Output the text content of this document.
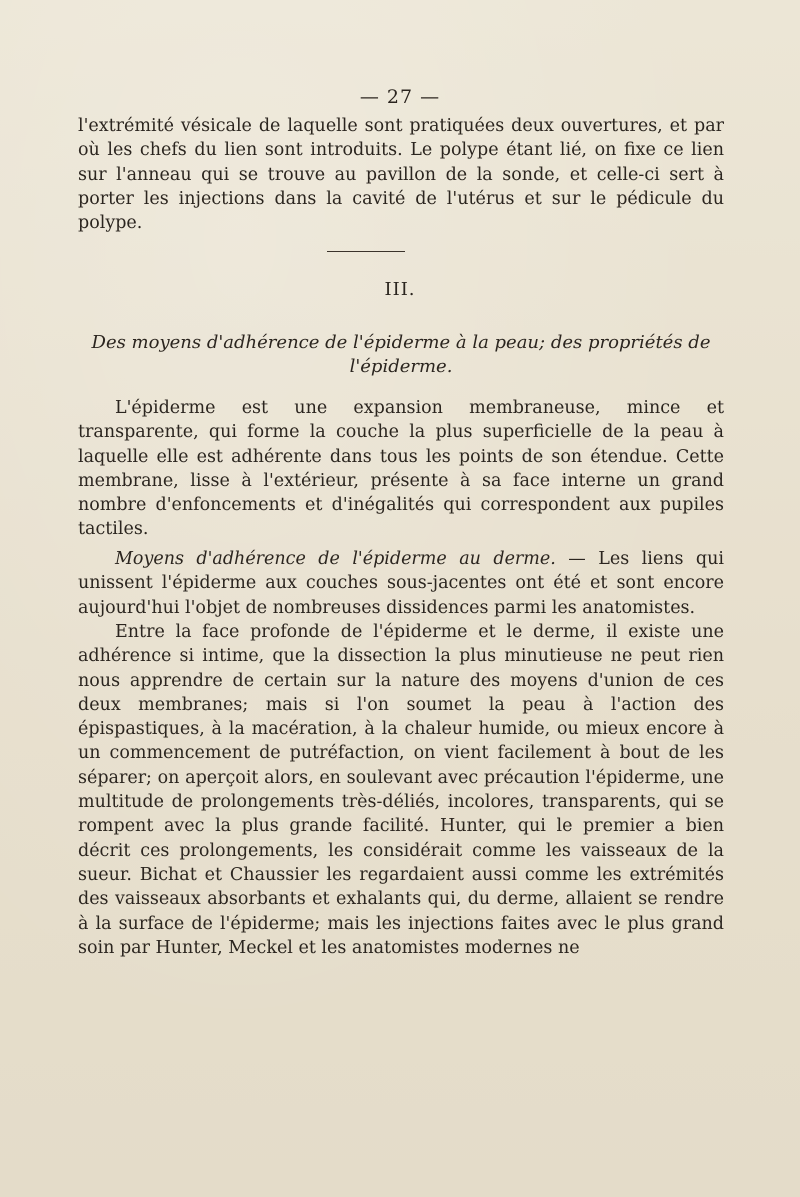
— 27 —

l'extrémité vésicale de laquelle sont pratiquées deux ouvertures, et par où les chefs du lien sont introduits. Le polype étant lié, on fixe ce lien sur l'anneau qui se trouve au pavillon de la sonde, et celle-ci sert à porter les injections dans la cavité de l'utérus et sur le pédicule du polype.

III.
Des moyens d'adhérence de l'épiderme à la peau; des propriétés de l'épiderme.

L'épiderme est une expansion membraneuse, mince et transparente, qui forme la couche la plus superficielle de la peau à laquelle elle est adhérente dans tous les points de son étendue. Cette membrane, lisse à l'extérieur, présente à sa face interne un grand nombre d'enfoncements et d'inégalités qui correspondent aux pupiles tactiles.

Moyens d'adhérence de l'épiderme au derme. — Les liens qui unissent l'épiderme aux couches sous-jacentes ont été et sont encore aujourd'hui l'objet de nombreuses dissidences parmi les anatomistes.

Entre la face profonde de l'épiderme et le derme, il existe une adhérence si intime, que la dissection la plus minutieuse ne peut rien nous apprendre de certain sur la nature des moyens d'union de ces deux membranes; mais si l'on soumet la peau à l'action des épispastiques, à la macération, à la chaleur humide, ou mieux encore à un commencement de putréfaction, on vient facilement à bout de les séparer; on aperçoit alors, en soulevant avec précaution l'épiderme, une multitude de prolongements très-déliés, incolores, transparents, qui se rompent avec la plus grande facilité. Hunter, qui le premier a bien décrit ces prolongements, les considérait comme les vaisseaux de la sueur. Bichat et Chaussier les regardaient aussi comme les extrémités des vaisseaux absorbants et exhalants qui, du derme, allaient se rendre à la surface de l'épiderme; mais les injections faites avec le plus grand soin par Hunter, Meckel et les anatomistes modernes ne
